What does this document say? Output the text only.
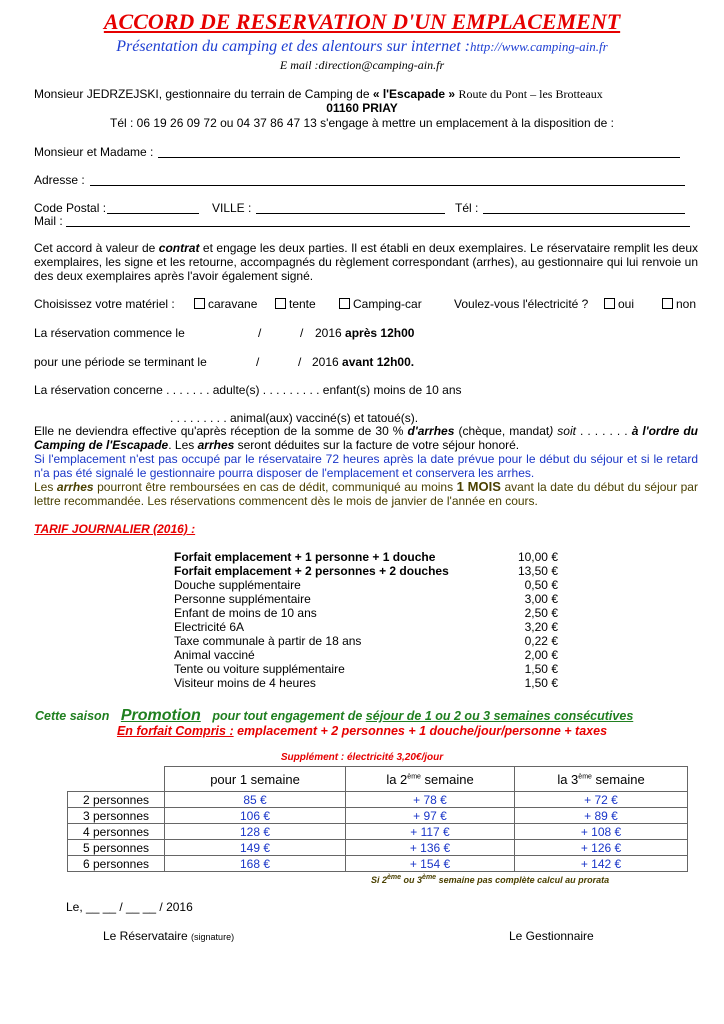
ACCORD DE RESERVATION D'UN EMPLACEMENT
Présentation du camping et des alentours sur internet :http://www.camping-ain.fr
E mail :direction@camping-ain.fr
Monsieur JEDRZEJSKI, gestionnaire du terrain de Camping de « l'Escapade » Route du Pont – les Brotteaux
01160 PRIAY
Tél : 06 19 26 09 72 ou 04 37 86 47 13 s'engage à mettre un emplacement à la disposition de :
Monsieur et Madame :
Adresse :
Code Postal :	VILLE :	Tél :
Mail :
Cet accord à valeur de contrat et engage les deux parties. Il est établi en deux exemplaires. Le réservataire remplit les deux exemplaires, les signe et les retourne, accompagnés du règlement correspondant (arrhes), au gestionnaire qui lui renvoie un des deux exemplaires après l'avoir également signé.
Choisissez votre matériel :	caravane	tente	Camping-car	Voulez-vous l'électricité ?	oui	non
La réservation commence le	/	/ 2016 après 12h00
pour une période se terminant le	/	/ 2016 avant 12h00.
La réservation concerne . . . . . . . adulte(s) . . . . . . . . . enfant(s) moins de 10 ans
. . . . . . . . . animal(aux) vacciné(s) et tatoué(s).
Elle ne deviendra effective qu'après réception de la somme de 30 % d'arrhes (chèque, mandat) soit . . . . . . . à l'ordre du Camping de l'Escapade. Les arrhes seront déduites sur la facture de votre séjour honoré.
Si l'emplacement n'est pas occupé par le réservataire 72 heures après la date prévue pour le début du séjour et si le retard n'a pas été signalé le gestionnaire pourra disposer de l'emplacement et conservera les arrhes.
Les arrhes pourront être remboursées en cas de dédit, communiqué au moins 1 MOIS avant la date du début du séjour par lettre recommandée. Les réservations commencent dès le mois de janvier de l'année en cours.
TARIF JOURNALIER (2016) :
Forfait emplacement + 1 personne + 1 douche	10,00 €
Forfait emplacement + 2 personnes + 2 douches	13,50 €
Douche supplémentaire	0,50 €
Personne supplémentaire	3,00 €
Enfant de moins de 10 ans	2,50 €
Electricité 6A	3,20 €
Taxe communale à partir de 18 ans	0,22 €
Animal vacciné	2,00 €
Tente ou voiture supplémentaire	1,50 €
Visiteur moins de 4 heures	1,50 €
Cette saison Promotion pour tout engagement de séjour de 1 ou 2 ou 3 semaines consécutives
En forfait Compris : emplacement + 2 personnes + 1 douche/jour/personne + taxes
Supplément : électricité 3,20€/jour
	pour 1 semaine	la 2ème semaine	la 3ème semaine
2 personnes	85 €	+ 78 €	+ 72 €
3 personnes	106 €	+ 97 €	+ 89 €
4 personnes	128 €	+ 117 €	+ 108 €
5 personnes	149 €	+ 136 €	+ 126 €
6 personnes	168 €	+ 154 €	+ 142 €
Si 2ème ou 3ème semaine pas complète calcul au prorata
Le, __ __ / __ __ / 2016
Le Réservataire (signature)	Le Gestionnaire
